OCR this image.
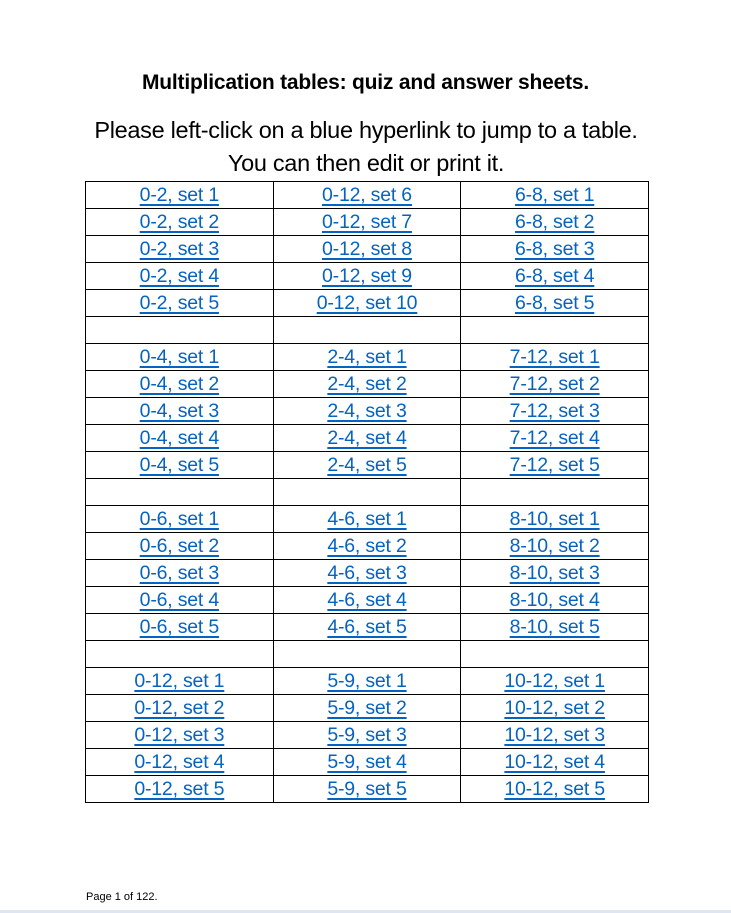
Multiplication tables: quiz and answer sheets.
Please left-click on a blue hyperlink to jump to a table. You can then edit or print it.
0-2, set 1	0-12, set 6	6-8, set 1
0-2, set 2	0-12, set 7	6-8, set 2
0-2, set 3	0-12, set 8	6-8, set 3
0-2, set 4	0-12, set 9	6-8, set 4
0-2, set 5	0-12, set 10	6-8, set 5

0-4, set 1	2-4, set 1	7-12, set 1
0-4, set 2	2-4, set 2	7-12, set 2
0-4, set 3	2-4, set 3	7-12, set 3
0-4, set 4	2-4, set 4	7-12, set 4
0-4, set 5	2-4, set 5	7-12, set 5

0-6, set 1	4-6, set 1	8-10, set 1
0-6, set 2	4-6, set 2	8-10, set 2
0-6, set 3	4-6, set 3	8-10, set 3
0-6, set 4	4-6, set 4	8-10, set 4
0-6, set 5	4-6, set 5	8-10, set 5

0-12, set 1	5-9, set 1	10-12, set 1
0-12, set 2	5-9, set 2	10-12, set 2
0-12, set 3	5-9, set 3	10-12, set 3
0-12, set 4	5-9, set 4	10-12, set 4
0-12, set 5	5-9, set 5	10-12, set 5
Page 1 of 122.
